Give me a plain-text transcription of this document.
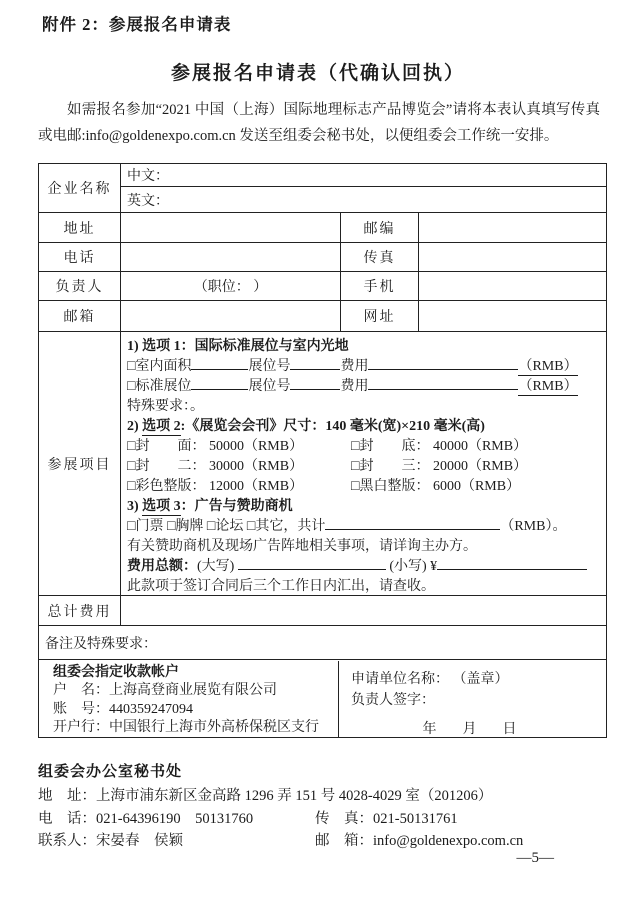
附件 2：参展报名申请表
参展报名申请表（代确认回执）

如需报名参加“2021 中国（上海）国际地理标志产品博览会”请将本表认真填写传真或电邮:info@goldenexpo.com.cn 发送至组委会秘书处，以便组委会工作统一安排。

企业名称	中文：		
	英文：		
地址		邮编	
电话		传真	
负责人	（职位： ）	手机	
邮箱		网址	
参展项目	
1) 选项 1：国际标准展位与室内光地
□室内面积	展位号	费用	（RMB）
□标准展位	展位号	费用	（RMB）
特殊要求：。
2) 选项 2:《展览会会刊》尺寸：140 毫米(宽)×210 毫米(高)
□封　　面： 50000（RMB）	□封　　底： 40000（RMB）
□封　　二： 30000（RMB）	□封　　三： 20000（RMB）
□彩色整版： 12000（RMB）	□黑白整版： 6000（RMB）
3) 选项 3：广告与赞助商机
□门票 □胸牌 □论坛 □其它，共计	（RMB）。
有关赞助商机及现场广告阵地相关事项，请详询主办方。
费用总额：(大写)	(小写) ¥
此款项于签订合同后三个工作日内汇出，请查收。

总计费用			
备注及特殊要求：			

组委会指定收款帐户
户　名：上海高登商业展览有限公司
账　号：440359247094
开户行：中国银行上海市外高桥保税区支行
申请单位名称： （盖章）
负责人签字：
年　月　日
组委会办公室秘书处
地　址：上海市浦东新区金高路 1296 弄 151 号 4028-4029 室（201206）
电　话：021-64396190　50131760	传　真：021-50131761
联系人：宋晏春　侯颖	邮　箱：info@goldenexpo.com.cn
—5—
